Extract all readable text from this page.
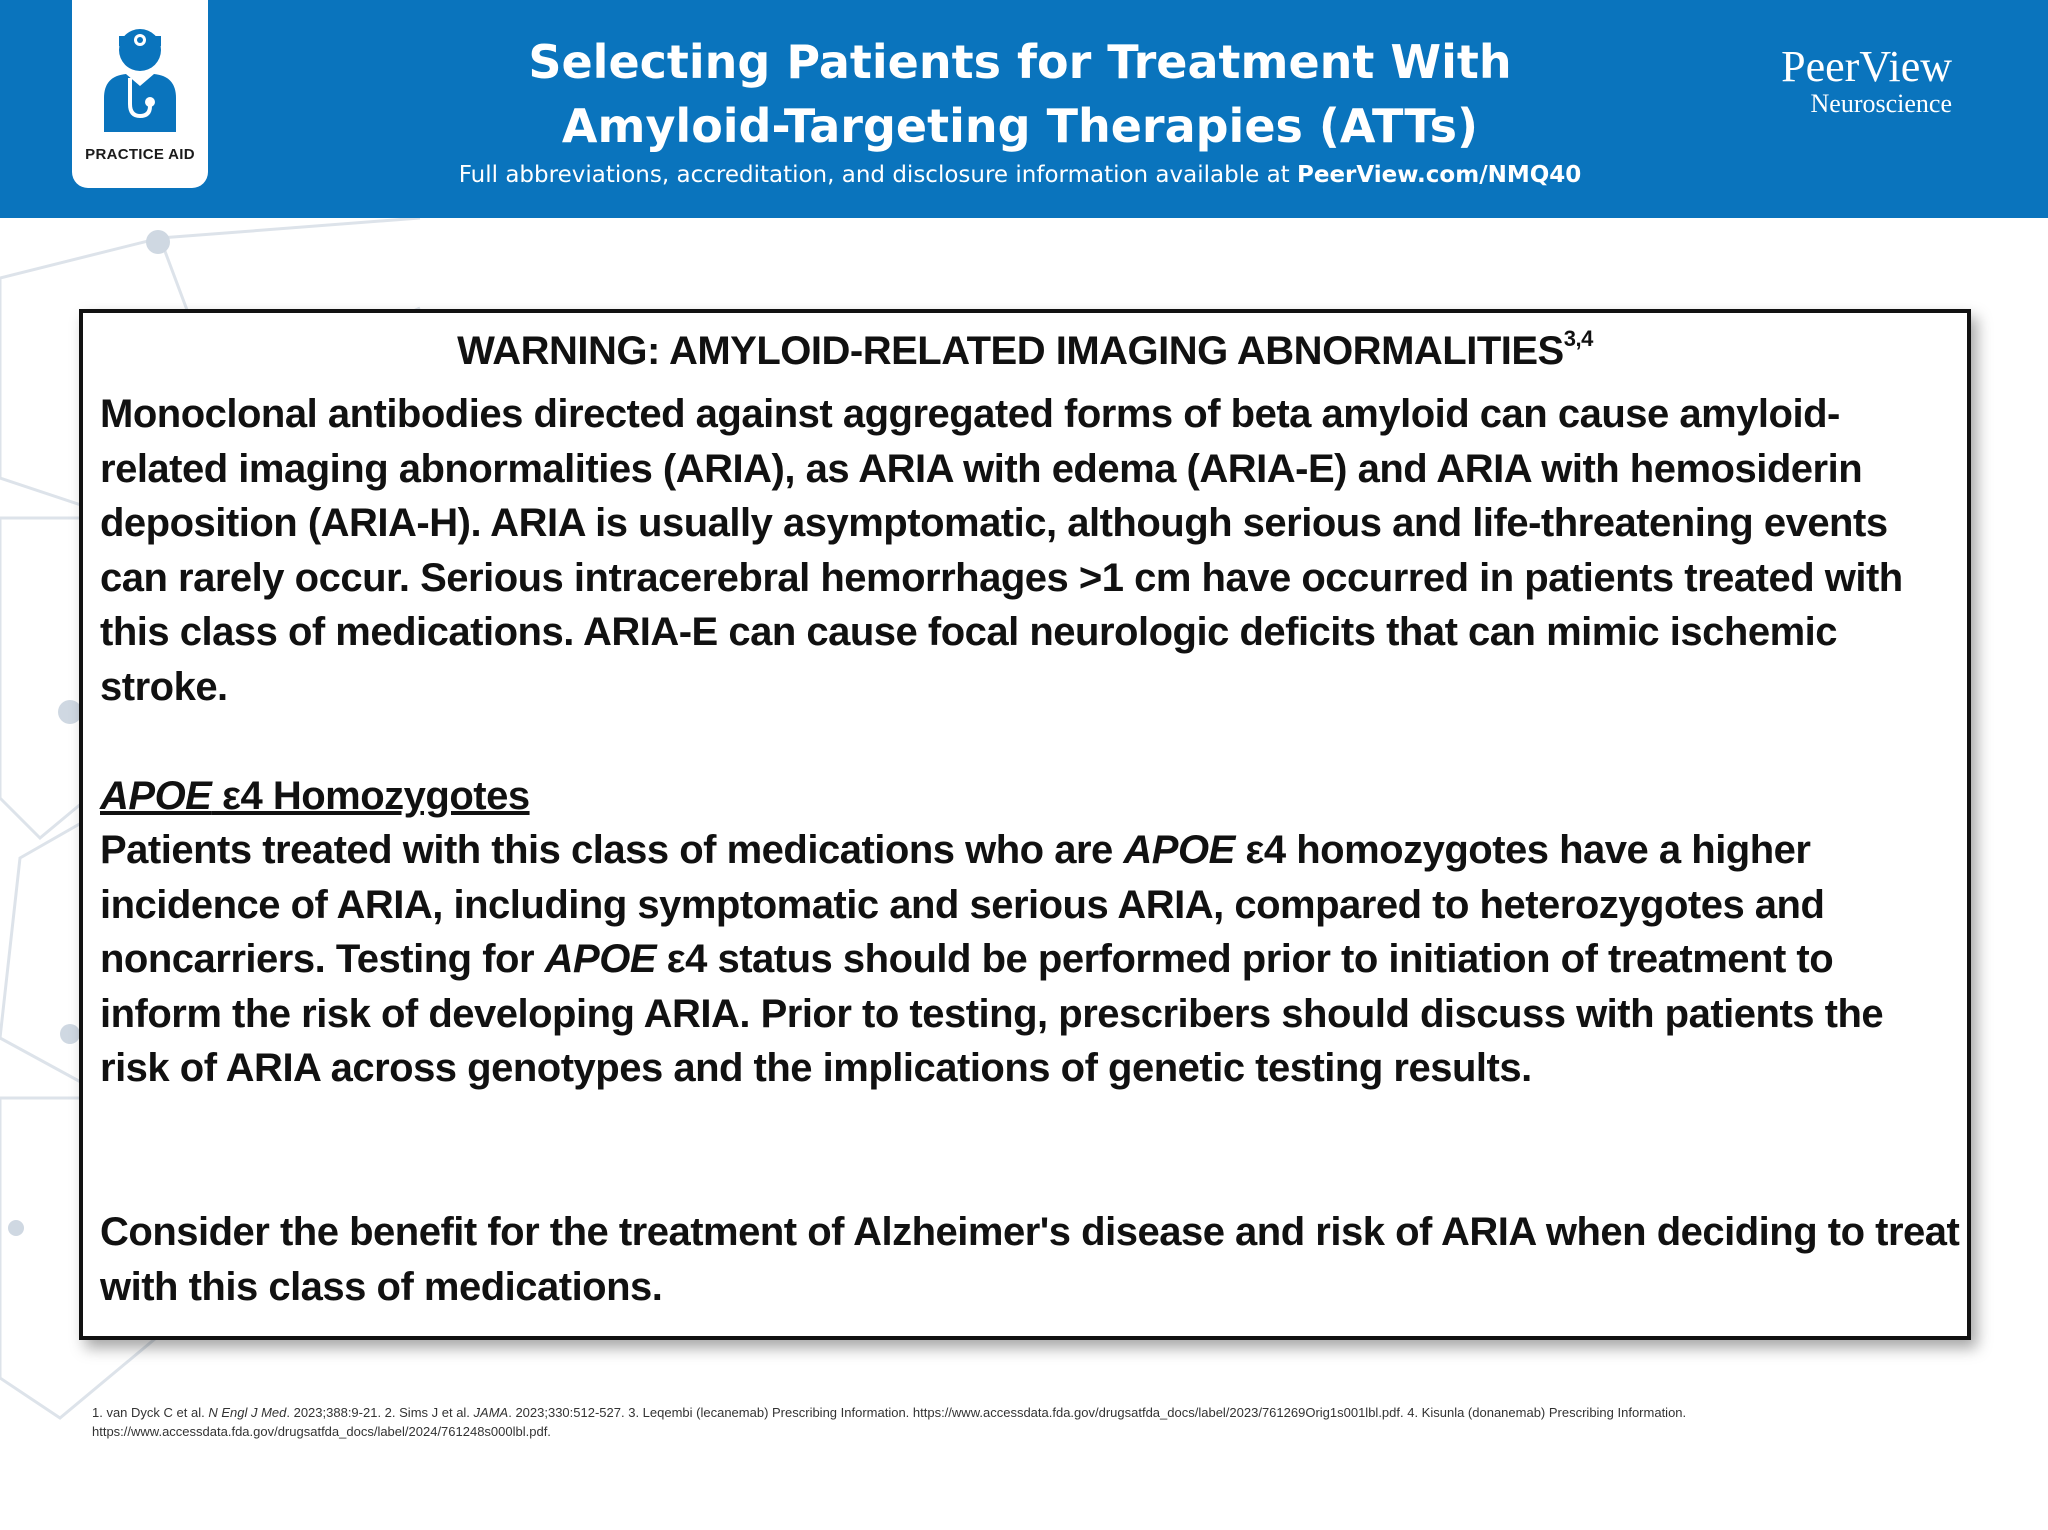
PRACTICE AID
Selecting Patients for Treatment With
Amyloid-Targeting Therapies (ATTs)
Full abbreviations, accreditation, and disclosure information available at PeerView.com/NMQ40
PeerView
Neuroscience
WARNING: AMYLOID-RELATED IMAGING ABNORMALITIES$^{3,4}$
Monoclonal antibodies directed against aggregated forms of beta amyloid can cause amyloid-related imaging abnormalities (ARIA), as ARIA with edema (ARIA-E) and ARIA with hemosiderin deposition (ARIA-H). ARIA is usually asymptomatic, although serious and life-threatening events can rarely occur. Serious intracerebral hemorrhages >1 cm have occurred in patients treated with this class of medications. ARIA-E can cause focal neurologic deficits that can mimic ischemic stroke.
APOE ε4 Homozygotes
Patients treated with this class of medications who are APOE ε4 homozygotes have a higher incidence of ARIA, including symptomatic and serious ARIA, compared to heterozygotes and noncarriers. Testing for APOE ε4 status should be performed prior to initiation of treatment to inform the risk of developing ARIA. Prior to testing, prescribers should discuss with patients the risk of ARIA across genotypes and the implications of genetic testing results.
Consider the benefit for the treatment of Alzheimer's disease and risk of ARIA when deciding to treat with this class of medications.
1. van Dyck C et al. N Engl J Med. 2023;388:9-21. 2. Sims J et al. JAMA. 2023;330:512-527. 3. Leqembi (lecanemab) Prescribing Information. https://www.accessdata.fda.gov/drugsatfda_docs/label/2023/761269Orig1s001lbl.pdf. 4. Kisunla (donanemab) Prescribing Information. https://www.accessdata.fda.gov/drugsatfda_docs/label/2024/761248s000lbl.pdf.
